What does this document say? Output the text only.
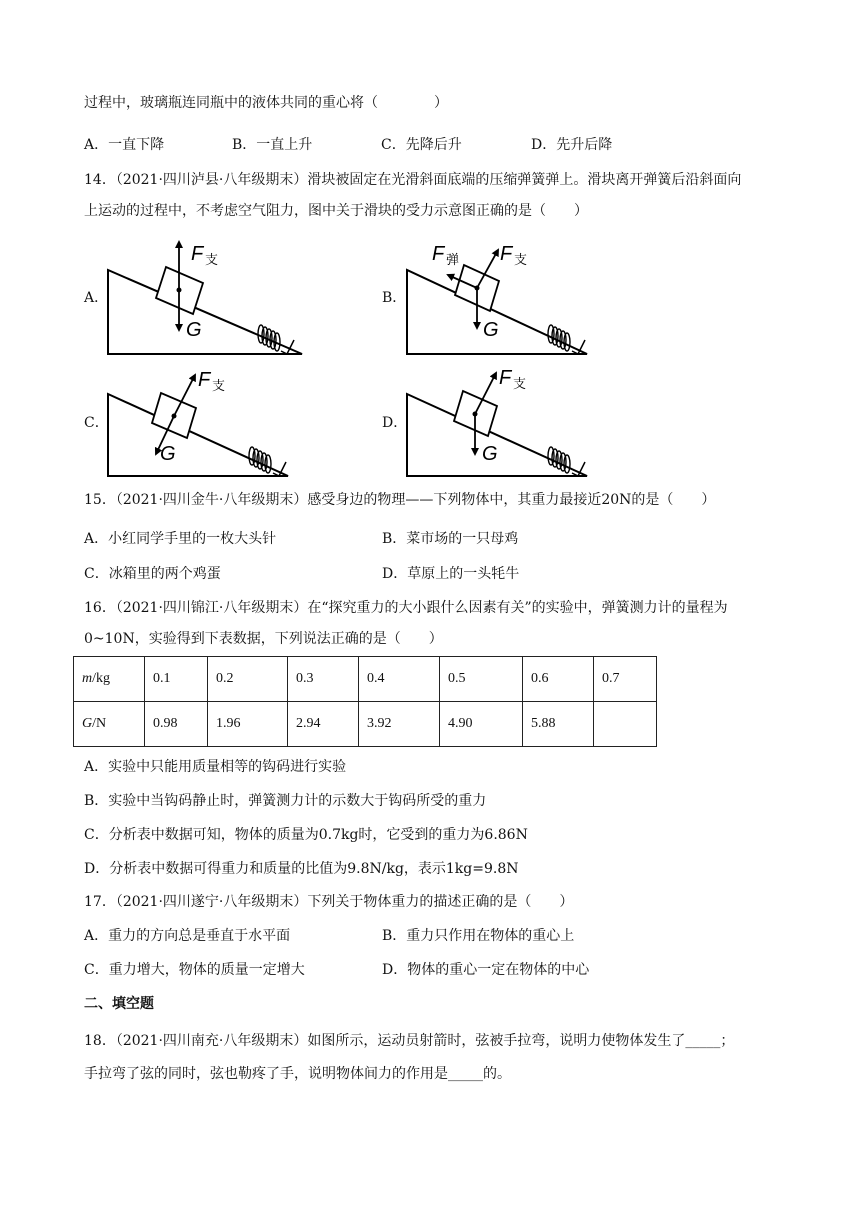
过程中，玻璃瓶连同瓶中的液体共同的重心将（　　　　）
A．一直下降	B．一直上升	C．先降后升	D．先升后降
14．（2021·四川泸县·八年级期末）滑块被固定在光滑斜面底端的压缩弹簧弹上。滑块离开弹簧后沿斜面向
上运动的过程中，不考虑空气阻力，图中关于滑块的受力示意图正确的是（　　）
A．	B．
C．	D．
F 支
G
F 弹 F 支
G
F 支
G
F 支
G
15．（2021·四川金牛·八年级期末）感受身边的物理——下列物体中，其重力最接近20N的是（　　）
A．小红同学手里的一枚大头针	B．菜市场的一只母鸡
C．冰箱里的两个鸡蛋	D．草原上的一头牦牛
16．（2021·四川锦江·八年级期末）在“探究重力的大小跟什么因素有关”的实验中，弹簧测力计的量程为
0~10N，实验得到下表数据，下列说法正确的是（　　）
m/kg	0.1	0.2	0.3	0.4	0.5	0.6	0.7
G/N	0.98	1.96	2.94	3.92	4.90	5.88	
A．实验中只能用质量相等的钩码进行实验
B．实验中当钩码静止时，弹簧测力计的示数大于钩码所受的重力
C．分析表中数据可知，物体的质量为0.7kg时，它受到的重力为6.86N
D．分析表中数据可得重力和质量的比值为9.8N/kg，表示1kg=9.8N
17．（2021·四川遂宁·八年级期末）下列关于物体重力的描述正确的是（　　）
A．重力的方向总是垂直于水平面	B．重力只作用在物体的重心上
C．重力增大，物体的质量一定增大	D．物体的重心一定在物体的中心
二、填空题
18．（2021·四川南充·八年级期末）如图所示，运动员射箭时，弦被手拉弯，说明力使物体发生了_____；
手拉弯了弦的同时，弦也勒疼了手，说明物体间力的作用是_____的。
